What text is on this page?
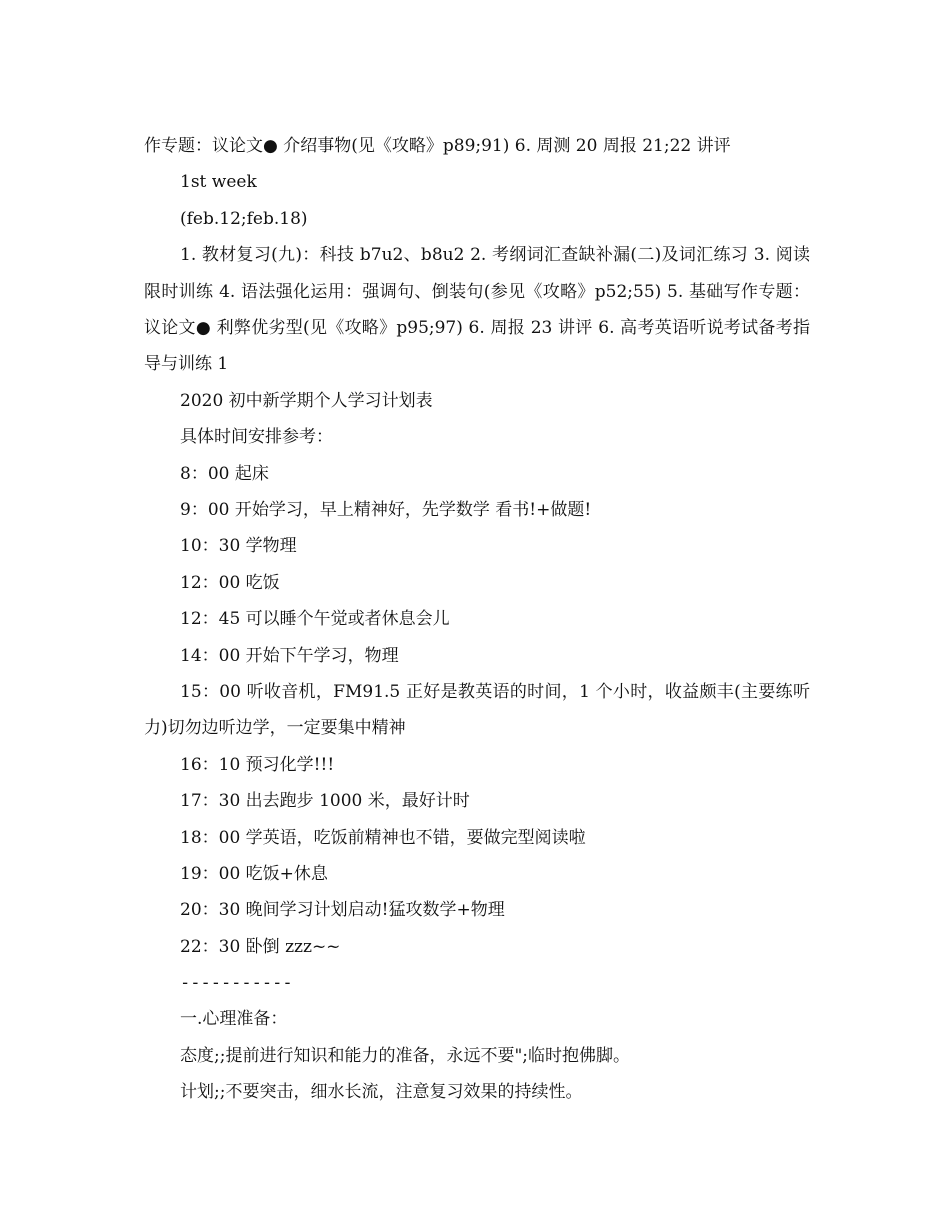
作专题：议论文● 介绍事物(见《攻略》p89;91) 6. 周测 20 周报 21;22 讲评
1st week
(feb.12;feb.18)
1. 教材复习(九)：科技 b7u2、b8u2 2. 考纲词汇查缺补漏(二)及词汇练习 3. 阅读限时训练 4. 语法强化运用：强调句、倒装句(参见《攻略》p52;55) 5. 基础写作专题：议论文● 利弊优劣型(见《攻略》p95;97) 6. 周报 23 讲评 6. 高考英语听说考试备考指导与训练 1
2020 初中新学期个人学习计划表
具体时间安排参考：
8：00 起床
9：00 开始学习，早上精神好，先学数学 看书!+做题!
10：30 学物理
12：00 吃饭
12：45 可以睡个午觉或者休息会儿
14：00 开始下午学习，物理
15：00 听收音机，FM91.5 正好是教英语的时间，1 个小时，收益颇丰(主要练听力)切勿边听边学，一定要集中精神
16：10 预习化学!!!
17：30 出去跑步 1000 米，最好计时
18：00 学英语，吃饭前精神也不错，要做完型阅读啦
19：00 吃饭+休息
20：30 晚间学习计划启动!猛攻数学+物理
22：30 卧倒 zzz~~
-----------
一.心理准备：
态度;;提前进行知识和能力的准备，永远不要";临时抱佛脚。
计划;;不要突击，细水长流，注意复习效果的持续性。
